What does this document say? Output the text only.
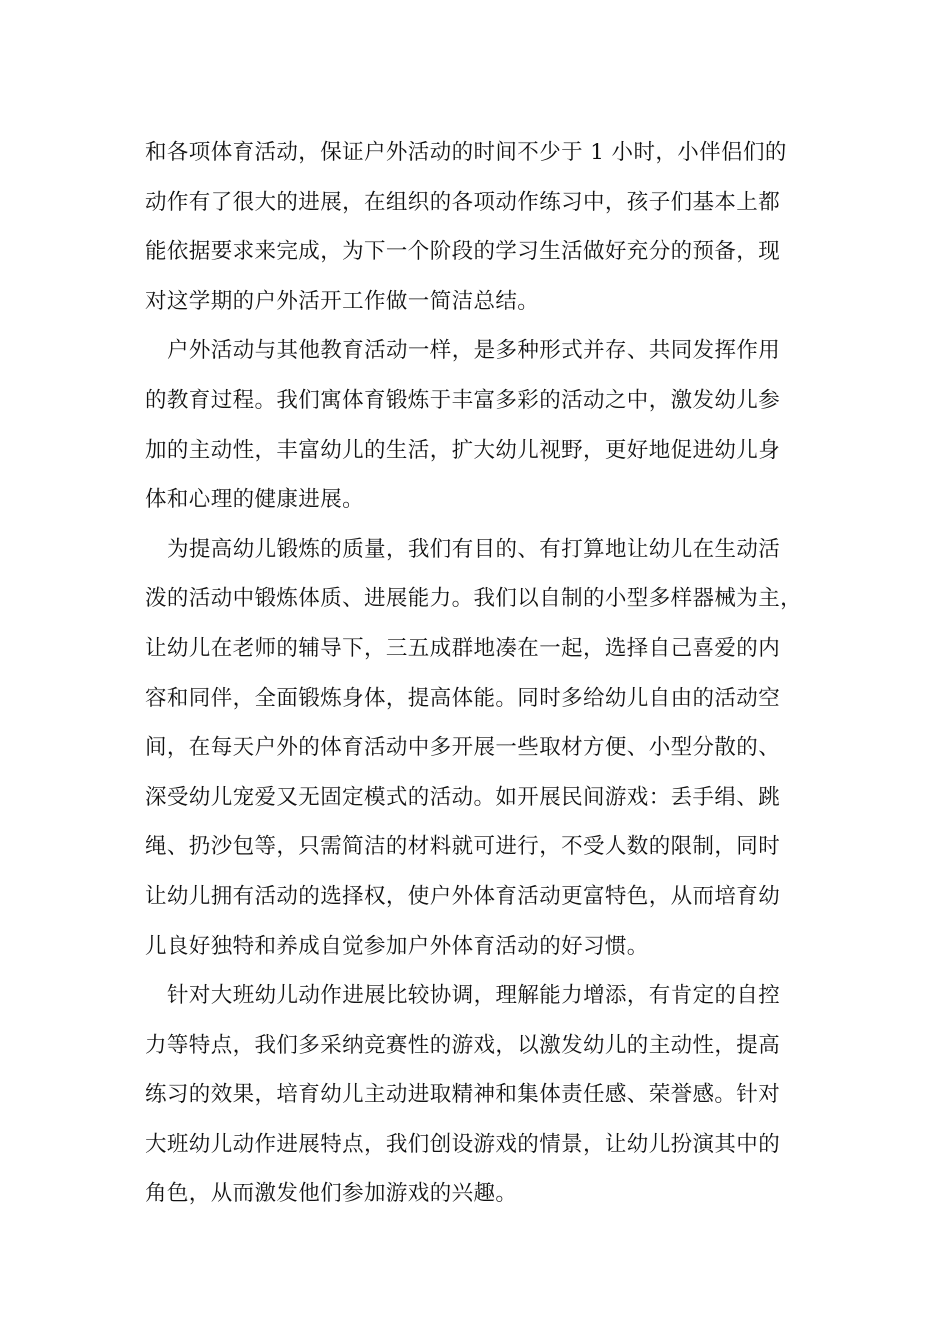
和各项体育活动，保证户外活动的时间不少于 1 小时，小伴侣们的
动作有了很大的进展，在组织的各项动作练习中，孩子们基本上都
能依据要求来完成，为下一个阶段的学习生活做好充分的预备，现
对这学期的户外活开工作做一简洁总结。
户外活动与其他教育活动一样，是多种形式并存、共同发挥作用
的教育过程。我们寓体育锻炼于丰富多彩的活动之中，激发幼儿参
加的主动性，丰富幼儿的生活，扩大幼儿视野，更好地促进幼儿身
体和心理的健康进展。
为提高幼儿锻炼的质量，我们有目的、有打算地让幼儿在生动活
泼的活动中锻炼体质、进展能力。我们以自制的小型多样器械为主，
让幼儿在老师的辅导下，三五成群地凑在一起，选择自己喜爱的内
容和同伴，全面锻炼身体，提高体能。同时多给幼儿自由的活动空
间，在每天户外的体育活动中多开展一些取材方便、小型分散的、
深受幼儿宠爱又无固定模式的活动。如开展民间游戏：丢手绢、跳
绳、扔沙包等，只需简洁的材料就可进行，不受人数的限制，同时
让幼儿拥有活动的选择权，使户外体育活动更富特色，从而培育幼
儿良好独特和养成自觉参加户外体育活动的好习惯。
针对大班幼儿动作进展比较协调，理解能力增添，有肯定的自控
力等特点，我们多采纳竞赛性的游戏，以激发幼儿的主动性，提高
练习的效果，培育幼儿主动进取精神和集体责任感、荣誉感。针对
大班幼儿动作进展特点，我们创设游戏的情景，让幼儿扮演其中的
角色，从而激发他们参加游戏的兴趣。
